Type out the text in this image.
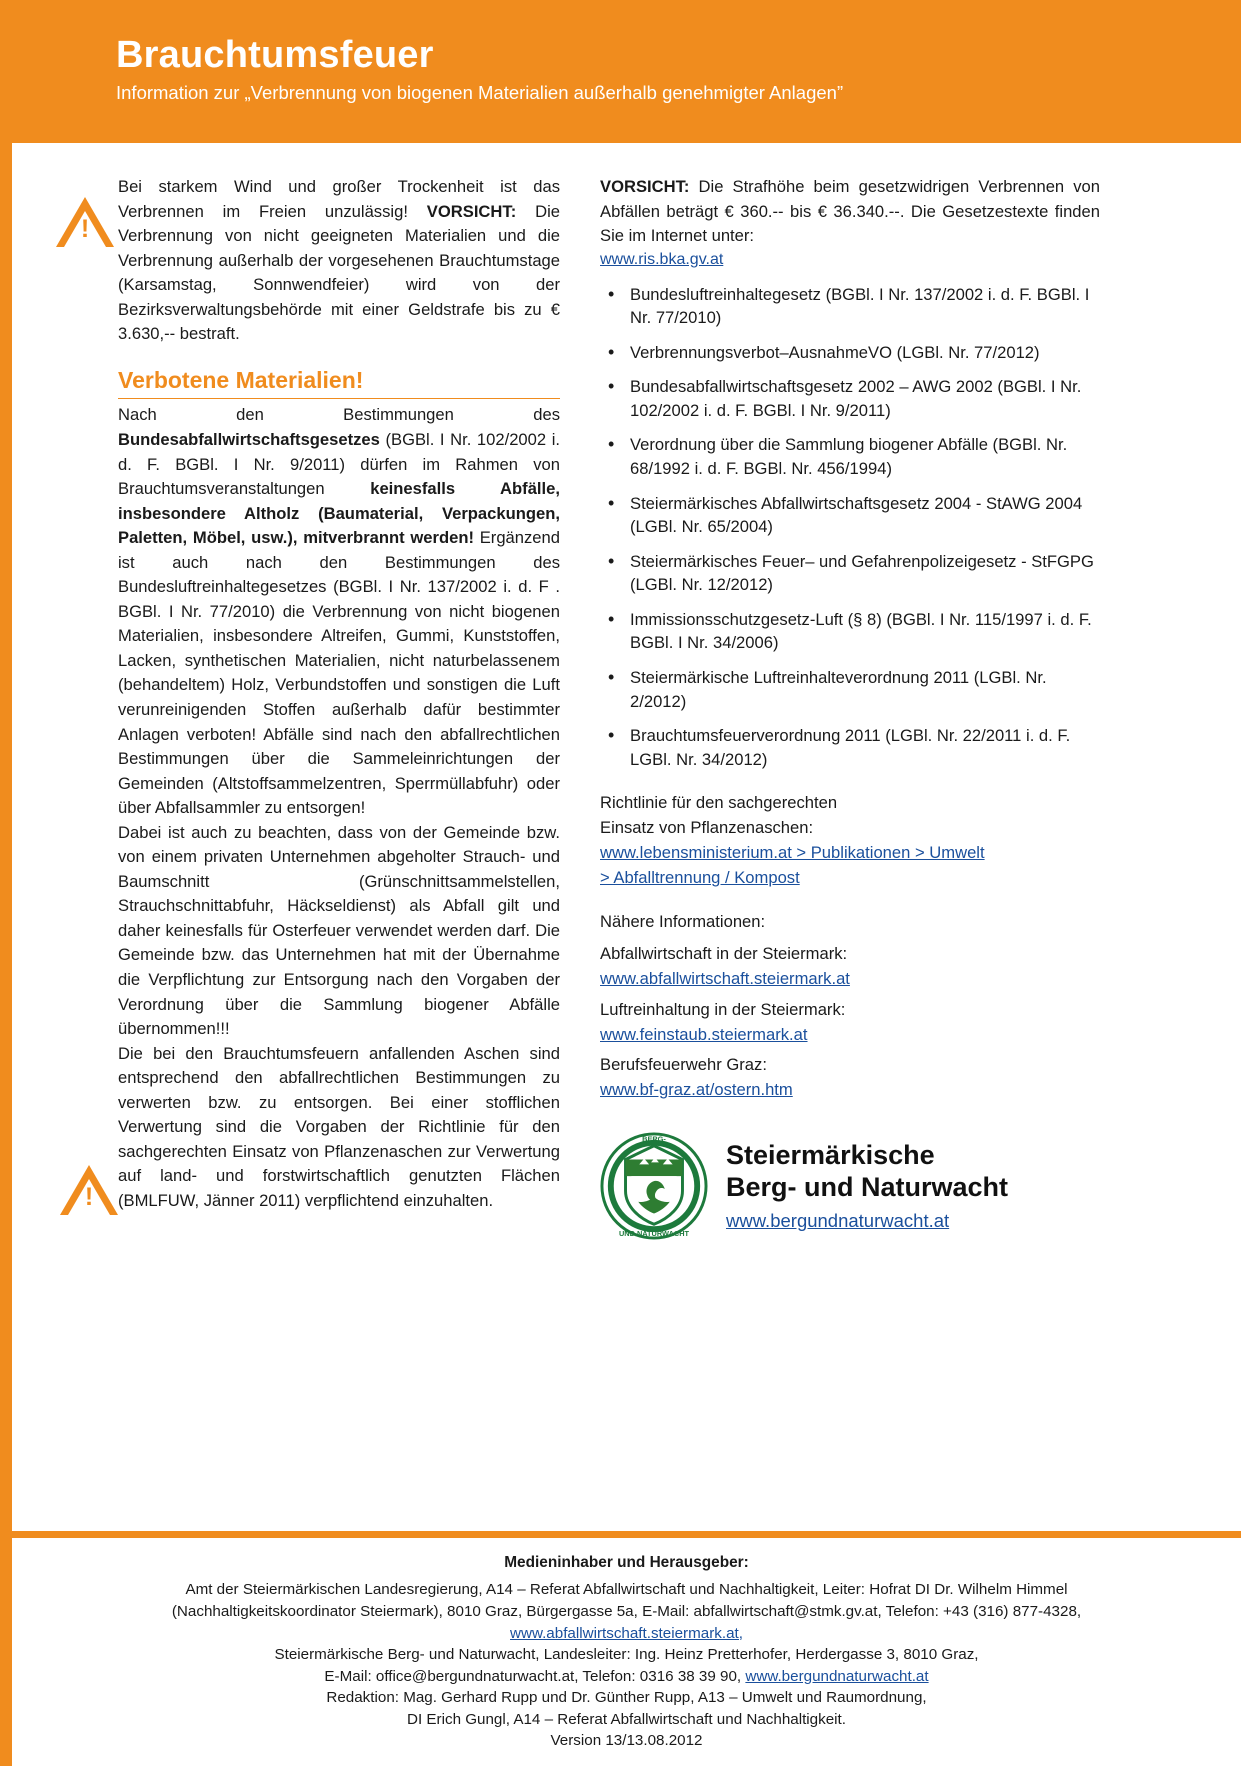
Brauchtumsfeuer

Information zur „Verbrennung von biogenen Materialien außerhalb genehmigter Anlagen”

!

Bei starkem Wind und großer Trockenheit ist das Verbrennen im Freien unzulässig! VORSICHT: Die Verbrennung von nicht geeigneten Materialien und die Verbrennung außerhalb der vorgesehenen Brauchtumstage (Karsamstag, Sonnwendfeier) wird von der Bezirksverwaltungsbehörde mit einer Geldstrafe bis zu € 3.630,-- bestraft.

Verbotene Materialien!

Nach den Bestimmungen des Bundesabfallwirtschaftsgesetzes (BGBl. I Nr. 102/2002 i. d. F. BGBl. I Nr. 9/2011) dürfen im Rahmen von Brauchtumsveranstaltungen keinesfalls Abfälle, insbesondere Altholz (Baumaterial, Verpackungen, Paletten, Möbel, usw.), mitverbrannt werden! Ergänzend ist auch nach den Bestimmungen des Bundesluftreinhaltegesetzes (BGBl. I Nr. 137/2002 i. d. F . BGBl. I Nr. 77/2010) die Verbrennung von nicht biogenen Materialien, insbesondere Altreifen, Gummi, Kunststoffen, Lacken, synthetischen Materialien, nicht naturbelassenem (behandeltem) Holz, Verbundstoffen und sonstigen die Luft verunreinigenden Stoffen außerhalb dafür bestimmter Anlagen verboten! Abfälle sind nach den abfallrechtlichen Bestimmungen über die Sammeleinrichtungen der Gemeinden (Altstoffsammelzentren, Sperrmüllabfuhr) oder über Abfallsammler zu entsorgen!

Dabei ist auch zu beachten, dass von der Gemeinde bzw. von einem privaten Unternehmen abgeholter Strauch- und Baumschnitt (Grünschnittsammelstellen, Strauchschnittabfuhr, Häckseldienst) als Abfall gilt und daher keinesfalls für Osterfeuer verwendet werden darf. Die Gemeinde bzw. das Unternehmen hat mit der Übernahme die Verpflichtung zur Entsorgung nach den Vorgaben der Verordnung über die Sammlung biogener Abfälle übernommen!!!

Die bei den Brauchtumsfeuern anfallenden Aschen sind entsprechend den abfallrechtlichen Bestimmungen zu verwerten bzw. zu entsorgen. Bei einer stofflichen Verwertung sind die Vorgaben der Richtlinie für den sachgerechten Einsatz von Pflanzenaschen zur Verwertung auf land- und forstwirtschaftlich genutzten Flächen (BMLFUW, Jänner 2011) verpflichtend einzuhalten.

!

VORSICHT: Die Strafhöhe beim gesetzwidrigen Verbrennen von Abfällen beträgt € 360.-- bis € 36.340.--. Die Gesetzestexte finden Sie im Internet unter:

www.ris.bka.gv.at
• Bundesluftreinhaltegesetz (BGBl. I Nr. 137/2002 i. d. F. BGBl. I Nr. 77/2010)
• Verbrennungsverbot–AusnahmeVO (LGBl. Nr. 77/2012)
• Bundesabfallwirtschaftsgesetz 2002 – AWG 2002 (BGBl. I Nr. 102/2002 i. d. F. BGBl. I Nr. 9/2011)
• Verordnung über die Sammlung biogener Abfälle (BGBl. Nr. 68/1992 i. d. F. BGBl. Nr. 456/1994)
• Steiermärkisches Abfallwirtschaftsgesetz 2004 - StAWG 2004 (LGBl. Nr. 65/2004)
• Steiermärkisches Feuer– und Gefahrenpolizeigesetz - StFGPG (LGBl. Nr. 12/2012)
• Immissionsschutzgesetz-Luft (§ 8) (BGBl. I Nr. 115/1997 i. d. F. BGBl. I Nr. 34/2006)
• Steiermärkische Luftreinhalteverordnung 2011 (LGBl. Nr. 2/2012)
• Brauchtumsfeuerverordnung 2011 (LGBl. Nr. 22/2011 i. d. F. LGBl. Nr. 34/2012)
Richtlinie für den sachgerechten
Einsatz von Pflanzenaschen:
www.lebensministerium.at > Publikationen > Umwelt
> Abfalltrennung / Kompost
Nähere Informationen:
Abfallwirtschaft in der Steiermark:
www.abfallwirtschaft.steiermark.at
Luftreinhaltung in der Steiermark:
www.feinstaub.steiermark.at
Berufsfeuerwehr Graz:
www.bf-graz.at/ostern.htm
BERG-
UND NATURWACHT
Steiermärkische
Berg- und Naturwacht
www.bergundnaturwacht.at
Medieninhaber und Herausgeber:
Amt der Steiermärkischen Landesregierung, A14 – Referat Abfallwirtschaft und Nachhaltigkeit, Leiter: Hofrat DI Dr. Wilhelm Himmel
(Nachhaltigkeitskoordinator Steiermark), 8010 Graz, Bürgergasse 5a, E-Mail: abfallwirtschaft@stmk.gv.at, Telefon: +43 (316) 877-4328,
www.abfallwirtschaft.steiermark.at,
Steiermärkische Berg- und Naturwacht, Landesleiter: Ing. Heinz Pretterhofer, Herdergasse 3, 8010 Graz,
E-Mail: office@bergundnaturwacht.at, Telefon: 0316 38 39 90, www.bergundnaturwacht.at
Redaktion: Mag. Gerhard Rupp und Dr. Günther Rupp, A13 – Umwelt und Raumordnung,
DI Erich Gungl, A14 – Referat Abfallwirtschaft und Nachhaltigkeit.
Version 13/13.08.2012
